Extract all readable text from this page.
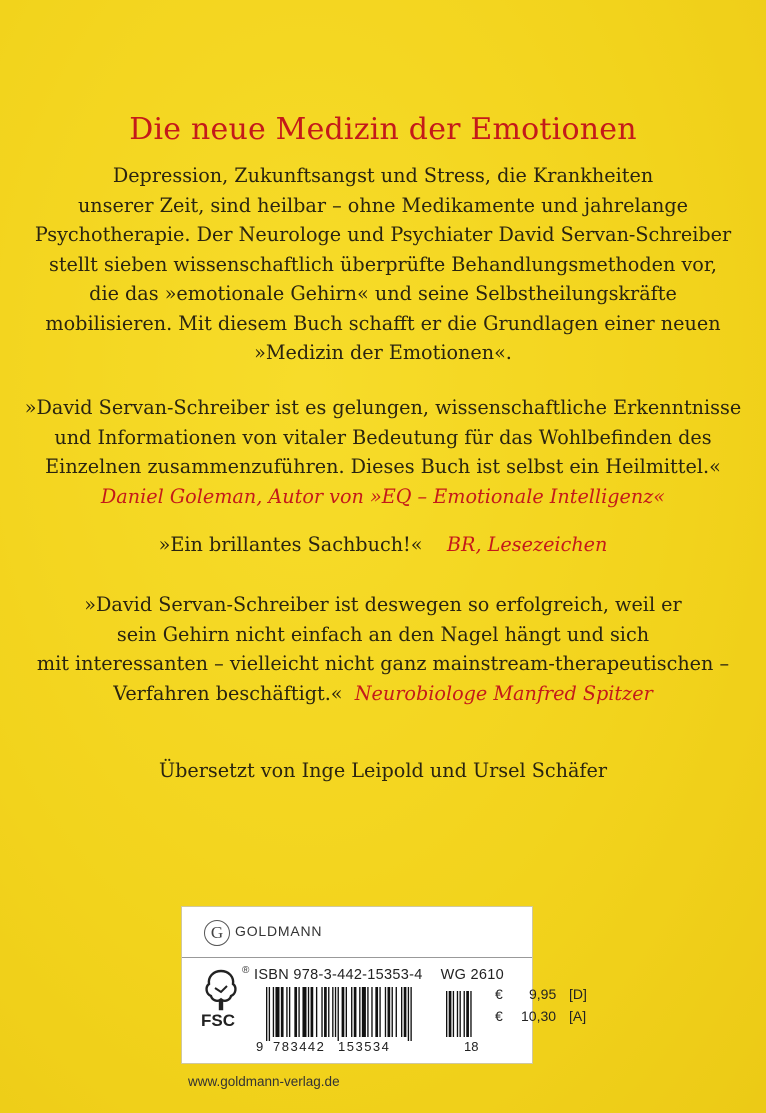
Die neue Medizin der Emotionen

Depression, Zukunftsangst und Stress, die Krankheiten

unserer Zeit, sind heilbar – ohne Medikamente und jahrelange

Psychotherapie. Der Neurologe und Psychiater David Servan-Schreiber

stellt sieben wissenschaftlich überprüfte Behandlungsmethoden vor,

die das »emotionale Gehirn« und seine Selbstheilungskräfte

mobilisieren. Mit diesem Buch schafft er die Grundlagen einer neuen

»Medizin der Emotionen«.

»David Servan-Schreiber ist es gelungen, wissenschaftliche Erkenntnisse

und Informationen von vitaler Bedeutung für das Wohlbefinden des

Einzelnen zusammenzuführen. Dieses Buch ist selbst ein Heilmittel.«

Daniel Goleman, Autor von »EQ – Emotionale Intelligenz«

»Ein brillantes Sachbuch!« BR, Lesezeichen

»David Servan-Schreiber ist deswegen so erfolgreich, weil er

sein Gehirn nicht einfach an den Nagel hängt und sich

mit interessanten – vielleicht nicht ganz mainstream-therapeutischen –

Verfahren beschäftigt.« Neurobiologe Manfred Spitzer

Übersetzt von Inge Leipold und Ursel Schäfer

G GOLDMANN
FSC
® ISBN 978-3-442-15353-4 WG 2610
9 783442 153534	18
€ 9,95 [D]
€ 10,30 [A]
www.goldmann-verlag.de
